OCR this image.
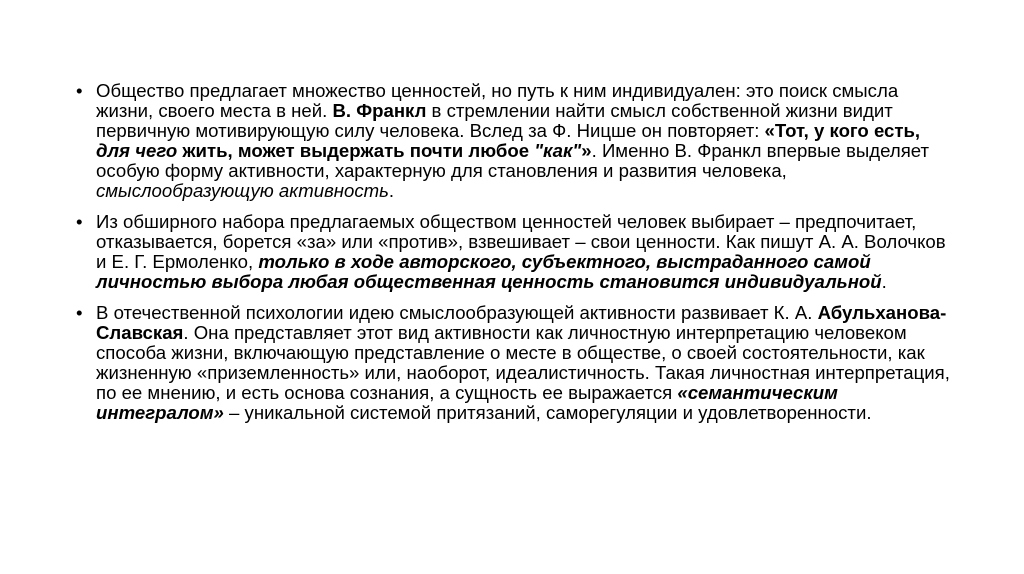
• Общество предлагает множество ценностей, но путь к ним индивидуален: это поиск смысла жизни, своего места в ней. В. Франкл в стремлении найти смысл собственной жизни видит первичную мотивирующую силу человека. Вслед за Ф. Ницше он повторяет: «Тот, у кого есть, для чего жить, может выдержать почти любое "как"». Именно В. Франкл впервые выделяет особую форму активности, характерную для становления и развития человека, смыслообразующую активность.
• Из обширного набора предлагаемых обществом ценностей человек выбирает – предпочитает, отказывается, борется «за» или «против», взвешивает – свои ценности. Как пишут А. А. Волочков и Е. Г. Ермоленко, только в ходе авторского, субъектного, выстраданного самой личностью выбора любая общественная ценность становится индивидуальной.
• В отечественной психологии идею смыслообразующей активности развивает К. А. Абульханова-Славская. Она представляет этот вид активности как личностную интерпретацию человеком способа жизни, включающую представление о месте в обществе, о своей состоятельности, как жизненную «приземленность» или, наоборот, идеалистичность. Такая личностная интерпретация, по ее мнению, и есть основа сознания, а сущность ее выражается «семантическим интегралом» – уникальной системой притязаний, саморегуляции и удовлетворенности.
